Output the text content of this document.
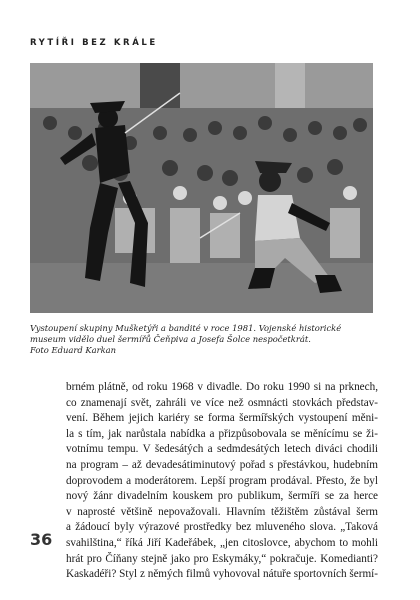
RYTÍŘI BEZ KRÁLE

Vystoupení skupiny Mušketýři a bandité v roce 1981. Vojenské historické
museum vidělo duel šermířů Čeňpiva a Josefa Šolce nespočetkrát.
Foto Eduard Karkan

brném plátně, od roku 1968 v divadle. Do roku 1990 si na prknech,
co znamenají svět, zahráli ve více než osmnácti stovkách představ-
vení. Během jejich kariéry se forma šermířských vystoupení měni-
la s tím, jak narůstala nabídka a přizpůsobovala se měnícímu se ži-
votnímu tempu. V šedesátých a sedmdesátých letech diváci chodili
na program – až devadesátiminutový pořad s přestávkou, hudebním
doprovodem a moderátorem. Lepší program prodával. Přesto, že byl
nový žánr divadelním kouskem pro publikum, šermíři se za herce
v naprosté většině nepovažovali. Hlavním těžištěm zůstával šerm
a žádoucí byly výrazové prostředky bez mluveného slova. „Taková
svahilština,“ říká Jiří Kadeřábek, „jen citoslovce, abychom to mohli
hrát pro Číňany stejně jako pro Eskymáky,“ pokračuje. Komedianti?
Kaskadéři? Styl z němých filmů vyhovoval nátuře sportovních šermí-
36
